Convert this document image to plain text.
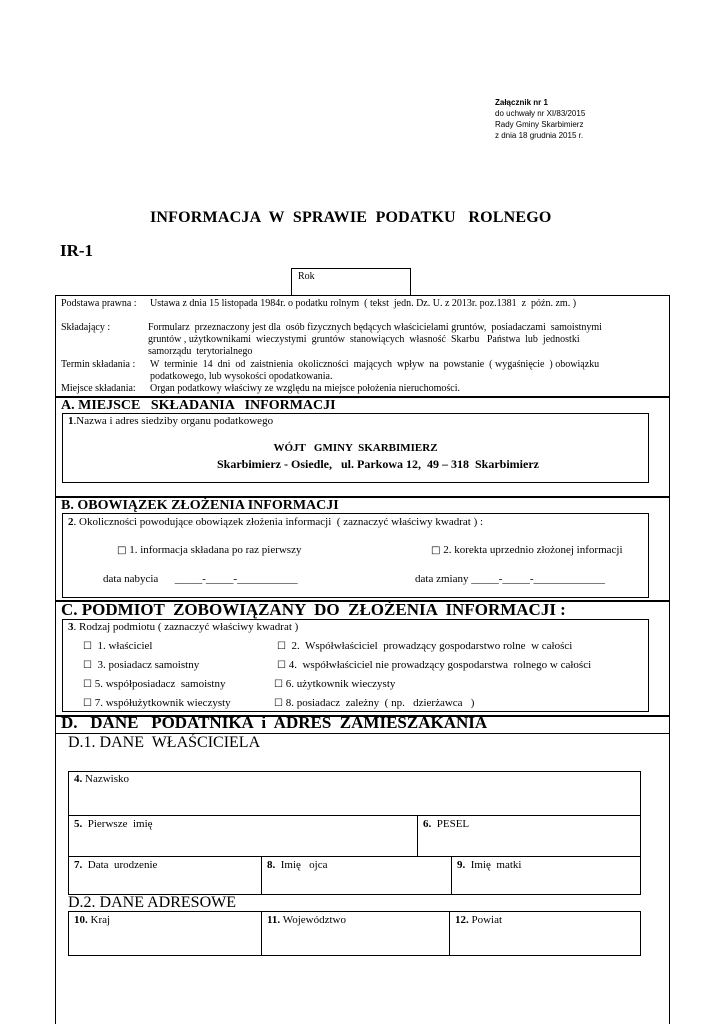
Załącznik nr 1
do uchwały nr XI/83/2015
Rady Gminy Skarbimierz
z dnia 18 grudnia 2015 r.
INFORMACJA  W  SPRAWIE  PODATKU   ROLNEGO
IR-1
Rok
Podstawa prawna : Ustawa z dnia 15 listopada 1984r. o podatku rolnym  ( tekst  jedn. Dz. U. z 2013r. poz.1381  z  późn. zm. )
Składający :	Formularz  przeznaczony jest dla  osób fizycznych będących właścicielami gruntów,  posiadaczami  samoistnymi
gruntów , użytkownikami  wieczystymi  gruntów  stanowiących  własność  Skarbu   Państwa  lub  jednostki
samorządu  terytorialnego
Termin składania : W  terminie  14  dni  od  zaistnienia  okoliczności  mających  wpływ  na  powstanie  ( wygaśnięcie  ) obowiązku
podatkowego, lub wysokości opodatkowania.
Miejsce składania: Organ podatkowy właściwy ze względu na miejsce położenia nieruchomości.
A. MIEJSCE   SKŁADANIA   INFORMACJI
1.Nazwa i adres siedziby organu podatkowego
WÓJT   GMINY  SKARBIMIERZ
Skarbimierz - Osiedle,   ul. Parkowa 12,  49 – 318  Skarbimierz
B. OBOWIĄZEK ZŁOŻENIA INFORMACJI
2. Okoliczności powodujące obowiązek złożenia informacji  ( zaznaczyć właściwy kwadrat ) :
□ 1. informacja składana po raz pierwszy	□ 2. korekta uprzednio złożonej informacji
data nabycia      _____-_____-___________	data zmiany _____-_____-_____________
C. PODMIOT  ZOBOWIĄZANY  DO  ZŁOŻENIA  INFORMACJI :
3. Rodzaj podmiotu ( zaznaczyć właściwy kwadrat )
☐ 1. właściciel	☐ 2.  Współwłaściciel  prowadzący gospodarstwo rolne  w całości
☐ 3. posiadacz samoistny	☐ 4.  współwłaściciel nie prowadzący gospodarstwa  rolnego w całości
☐ 5. współposiadacz  samoistny	☐ 6. użytkownik wieczysty
☐ 7. współużytkownik wieczysty	☐ 8. posiadacz  zależny  ( np.   dzierżawca   )
D.   DANE   PODATNIKA  i  ADRES  ZAMIESZAKANIA
D.1. DANE  WŁAŚCICIELA
4. Nazwisko
5.  Pierwsze  imię	6.  PESEL
7.  Data  urodzenie	8.  Imię   ojca	9.  Imię  matki
D.2. DANE ADRESOWE
10. Kraj	11. Województwo	12. Powiat
